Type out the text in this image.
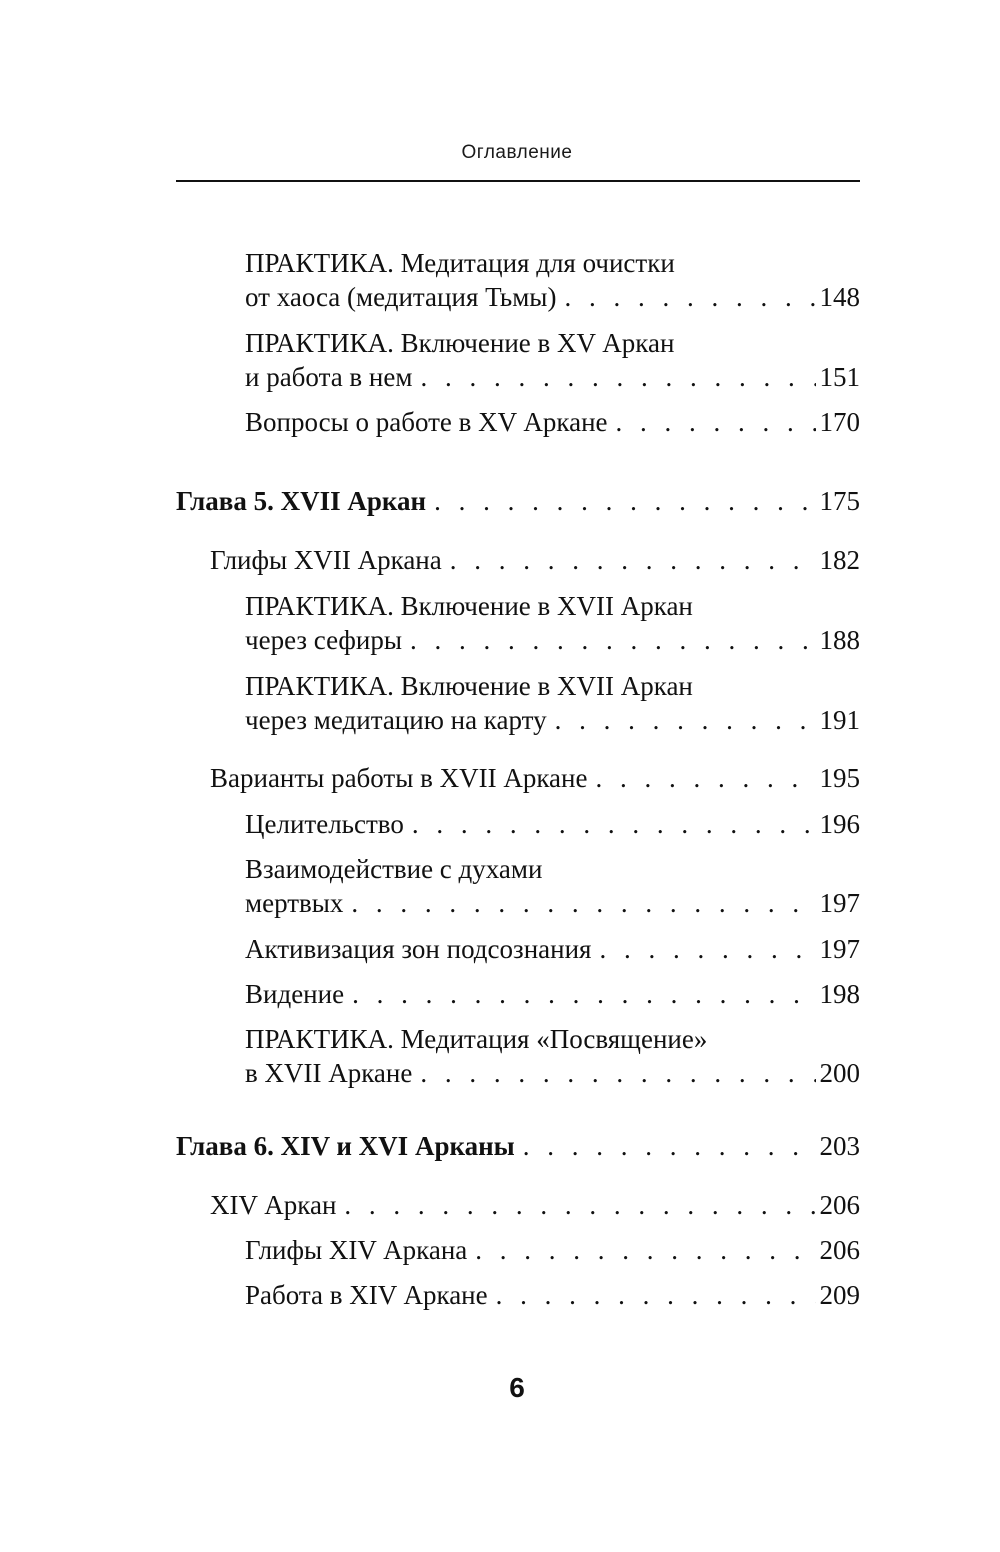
Оглавление
ПРАКТИКА. Медитация для очистки
от хаоса (медитация Тьмы) . . .	148
ПРАКТИКА. Включение в XV Аркан
и работа в нем . . .	151
Вопросы о работе в XV Аркане . . .	170
Глава 5. XVII Аркан . . .	175
Глифы XVII Аркана . . .	182
ПРАКТИКА. Включение в XVII Аркан
через сефиры . . .	188
ПРАКТИКА. Включение в XVII Аркан
через медитацию на карту . . .	191
Варианты работы в XVII Аркане . . .	195
Целительство . . .	196
Взаимодействие с духами
мертвых . . .	197
Активизация зон подсознания . . .	197
Видение . . .	198
ПРАКТИКА. Медитация «Посвящение»
в XVII Аркане . . .	200
Глава 6. XIV и XVI Арканы . . .	203
XIV Аркан . . .	206
Глифы XIV Аркана . . .	206
Работа в XIV Аркане . . .	209
6
